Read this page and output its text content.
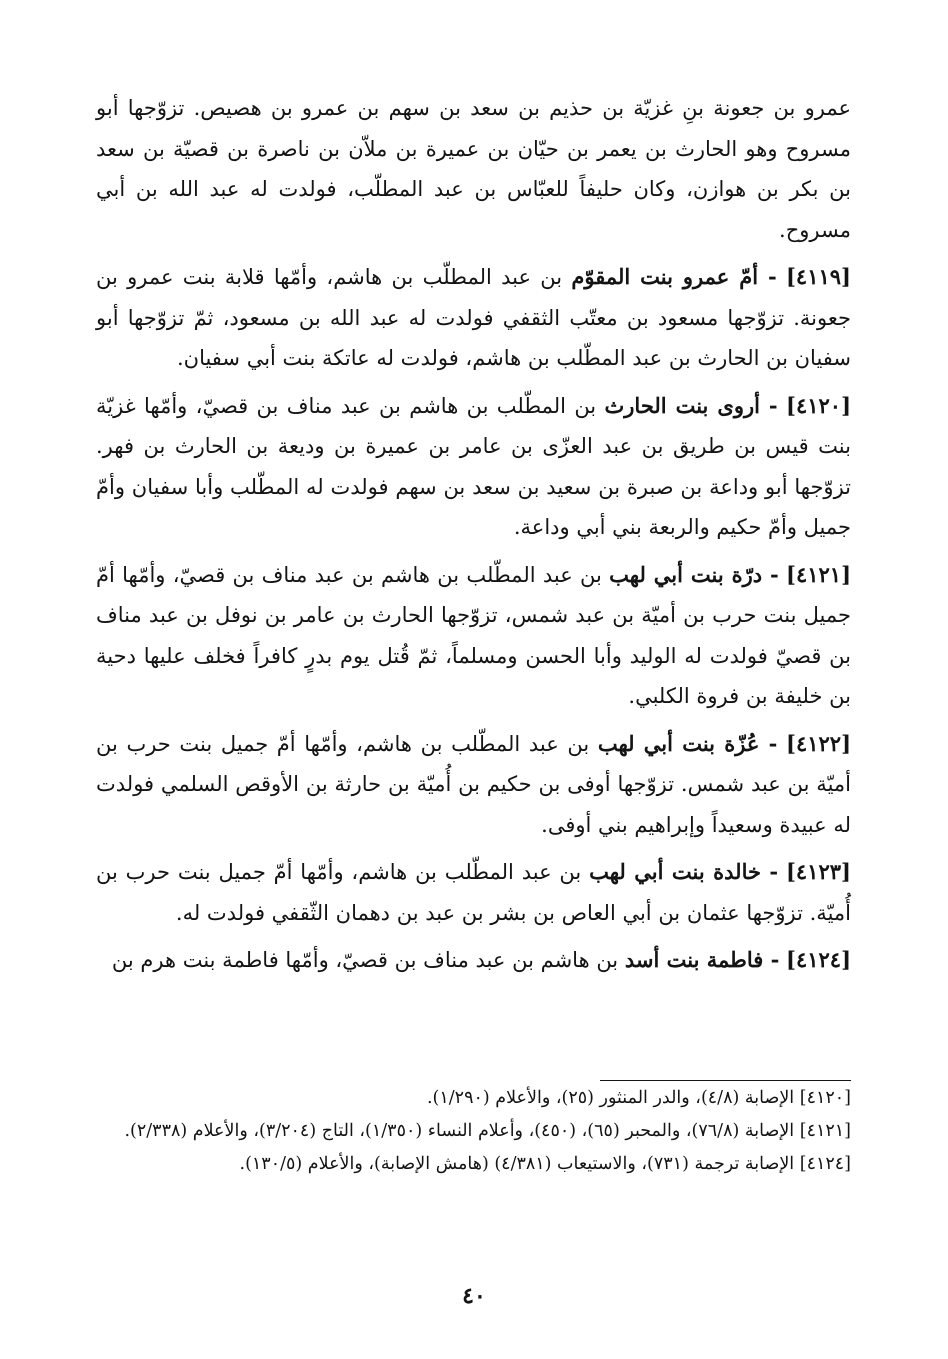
عمرو بن جعونة بنِ غزيّة بن حذيم بن سعد بن سهم بن عمرو بن هصيص. تزوّجها أبو مسروح وهو الحارث بن يعمر بن حيّان بن عميرة بن ملاّن بن ناصرة بن قصيّة بن سعد بن بكر بن هوازن، وكان حليفاً للعبّاس بن عبد المطلّب، فولدت له عبد الله بن أبي مسروح.

[٤١١٩] - أمّ عمرو بنت المقوّم بن عبد المطلّب بن هاشم، وأمّها قلابة بنت عمرو بن جعونة. تزوّجها مسعود بن معتّب الثقفي فولدت له عبد الله بن مسعود، ثمّ تزوّجها أبو سفيان بن الحارث بن عبد المطّلب بن هاشم، فولدت له عاتكة بنت أبي سفيان.

[٤١٢٠] - أروى بنت الحارث بن المطّلب بن هاشم بن عبد مناف بن قصيّ، وأمّها غزيّة بنت قيس بن طريق بن عبد العزّى بن عامر بن عميرة بن وديعة بن الحارث بن فهر. تزوّجها أبو وداعة بن صبرة بن سعيد بن سعد بن سهم فولدت له المطّلب وأبا سفيان وأمّ جميل وأمّ حكيم والربعة بني أبي وداعة.

[٤١٢١] - درّة بنت أبي لهب بن عبد المطّلب بن هاشم بن عبد مناف بن قصيّ، وأمّها أمّ جميل بنت حرب بن أميّة بن عبد شمس، تزوّجها الحارث بن عامر بن نوفل بن عبد مناف بن قصيّ فولدت له الوليد وأبا الحسن ومسلماً، ثمّ قُتل يوم بدرٍ كافراً فخلف عليها دحية بن خليفة بن فروة الكلبي.

[٤١٢٢] - عُزّة بنت أبي لهب بن عبد المطّلب بن هاشم، وأمّها أمّ جميل بنت حرب بن أميّة بن عبد شمس. تزوّجها أوفى بن حكيم بن أُميّة بن حارثة بن الأوقص السلمي فولدت له عبيدة وسعيداً وإبراهيم بني أوفى.

[٤١٢٣] - خالدة بنت أبي لهب بن عبد المطّلب بن هاشم، وأمّها أمّ جميل بنت حرب بن أُميّة. تزوّجها عثمان بن أبي العاص بن بشر بن عبد بن دهمان الثّقفي فولدت له.

[٤١٢٤] - فاطمة بنت أسد بن هاشم بن عبد مناف بن قصيّ، وأمّها فاطمة بنت هرم بن

[٤١٢٠] الإصابة (٤/٨)، والدر المنثور (٢٥)، والأعلام (١/٢٩٠).

[٤١٢١] الإصابة (٧٦/٨)، والمحبر (٦٥)، (٤٥٠)، وأعلام النساء (١/٣٥٠)، التاج (٣/٢٠٤)، والأعلام (٢/٣٣٨).

[٤١٢٤] الإصابة ترجمة (٧٣١)، والاستيعاب (٤/٣٨١) (هامش الإصابة)، والأعلام (١٣٠/٥).

٤٠
